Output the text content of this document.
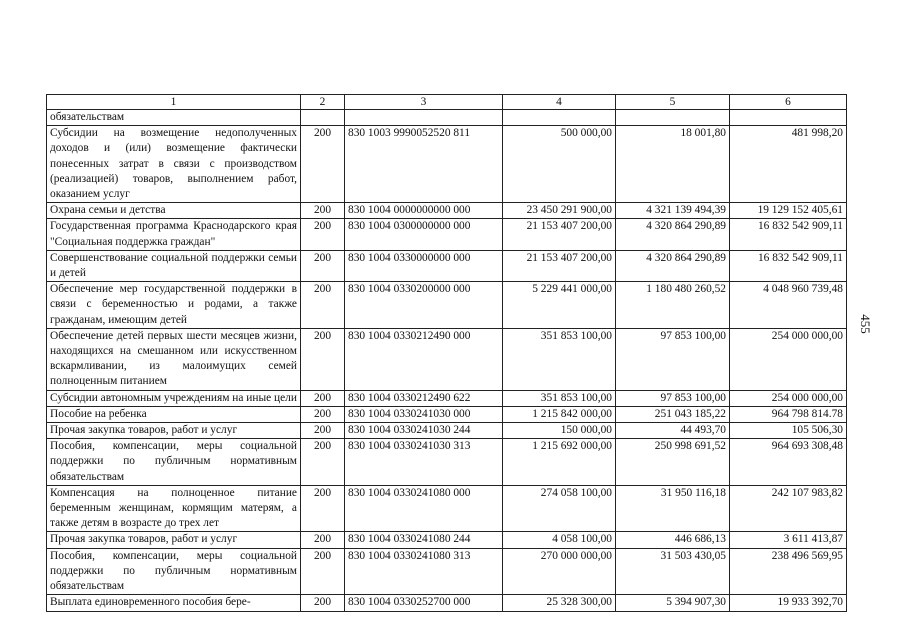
455
1	2	3	4	5	6
обязательствам					
Субсидии на возмещение недополученных доходов и (или) возмещение фактически понесенных затрат в связи с производством (реализацией) товаров, выполнением работ, оказанием услуг	200	830 1003 9990052520 811	500 000,00	18 001,80	481 998,20
Охрана семьи и детства	200	830 1004 0000000000 000	23 450 291 900,00	4 321 139 494,39	19 129 152 405,61
Государственная программа Краснодарского края "Социальная поддержка граждан"	200	830 1004 0300000000 000	21 153 407 200,00	4 320 864 290,89	16 832 542 909,11
Совершенствование социальной поддержки семьи и детей	200	830 1004 0330000000 000	21 153 407 200,00	4 320 864 290,89	16 832 542 909,11
Обеспечение мер государственной поддержки в связи с беременностью и родами, а также гражданам, имеющим детей	200	830 1004 0330200000 000	5 229 441 000,00	1 180 480 260,52	4 048 960 739,48
Обеспечение детей первых шести месяцев жизни, находящихся на смешанном или искусственном вскармливании, из малоимущих семей полноценным питанием	200	830 1004 0330212490 000	351 853 100,00	97 853 100,00	254 000 000,00
Субсидии автономным учреждениям на иные цели	200	830 1004 0330212490 622	351 853 100,00	97 853 100,00	254 000 000,00
Пособие на ребенка	200	830 1004 0330241030 000	1 215 842 000,00	251 043 185,22	964 798 814.78
Прочая закупка товаров, работ и услуг	200	830 1004 0330241030 244	150 000,00	44 493,70	105 506,30
Пособия, компенсации, меры социальной поддержки по публичным нормативным обязательствам	200	830 1004 0330241030 313	1 215 692 000,00	250 998 691,52	964 693 308,48
Компенсация на полноценное питание беременным женщинам, кормящим матерям, а также детям в возрасте до трех лет	200	830 1004 0330241080 000	274 058 100,00	31 950 116,18	242 107 983,82
Прочая закупка товаров, работ и услуг	200	830 1004 0330241080 244	4 058 100,00	446 686,13	3 611 413,87
Пособия, компенсации, меры социальной поддержки по публичным нормативным обязательствам	200	830 1004 0330241080 313	270 000 000,00	31 503 430,05	238 496 569,95
Выплата единовременного пособия бере-	200	830 1004 0330252700 000	25 328 300,00	5 394 907,30	19 933 392,70
